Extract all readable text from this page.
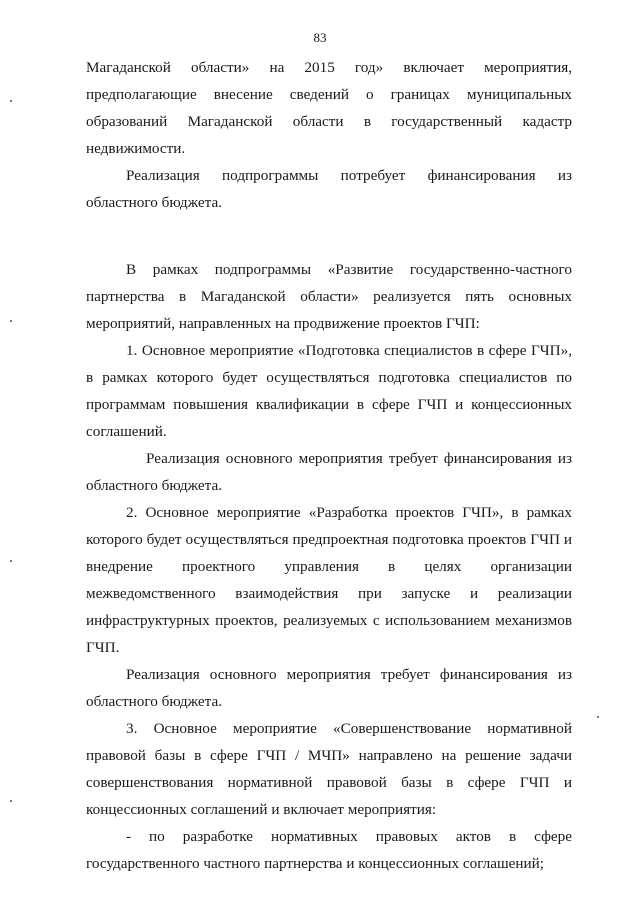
83

Магаданской области» на 2015 год» включает мероприятия, предполагающие внесение сведений о границах муниципальных образований Магаданской области в государственный кадастр недвижимости.

Реализация подпрограммы потребует финансирования из областного бюджета.

В рамках подпрограммы «Развитие государственно-частного партнерства в Магаданской области» реализуется пять основных мероприятий, направленных на продвижение проектов ГЧП:

1. Основное мероприятие «Подготовка специалистов в сфере ГЧП», в рамках которого будет осуществляться подготовка специалистов по программам повышения квалификации в сфере ГЧП и концессионных соглашений.

Реализация основного мероприятия требует финансирования из областного бюджета.

2. Основное мероприятие «Разработка проектов ГЧП», в рамках которого будет осуществляться предпроектная подготовка проектов ГЧП и внедрение проектного управления в целях организации межведомственного взаимодействия при запуске и реализации инфраструктурных проектов, реализуемых с использованием механизмов ГЧП.

Реализация основного мероприятия требует финансирования из областного бюджета.

3. Основное мероприятие «Совершенствование нормативной правовой базы в сфере ГЧП / МЧП» направлено на решение задачи совершенствования нормативной правовой базы в сфере ГЧП и концессионных соглашений и включает мероприятия:

- по разработке нормативных правовых актов в сфере государственного частного партнерства и концессионных соглашений;
